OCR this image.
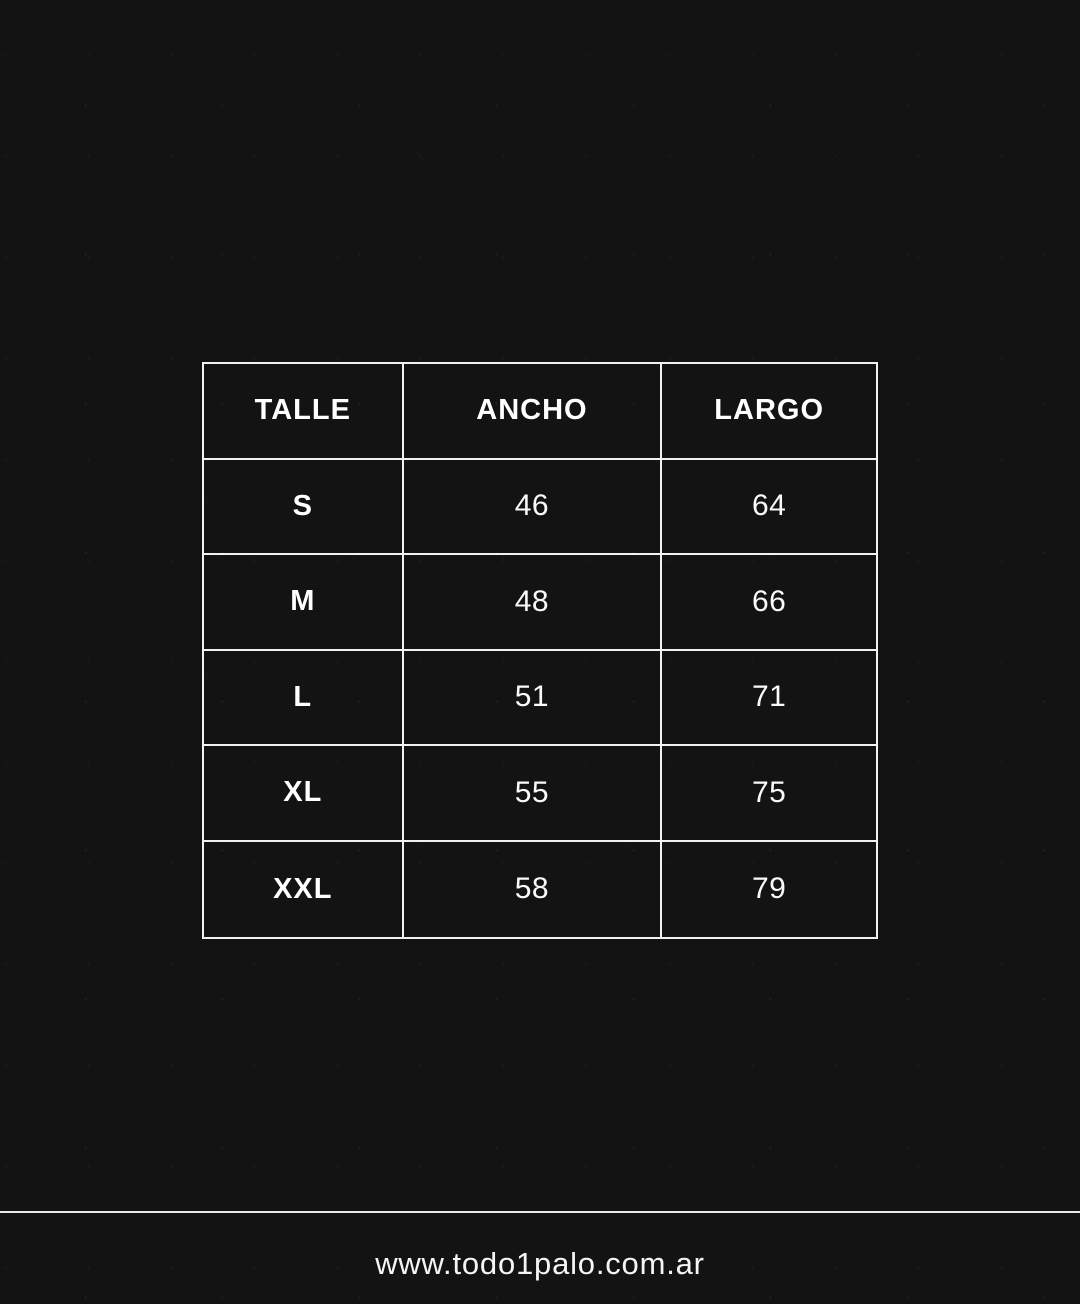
TALLE	ANCHO	LARGO
S	46	64
M	48	66
L	51	71
XL	55	75
XXL	58	79
www.todo1palo.com.ar
